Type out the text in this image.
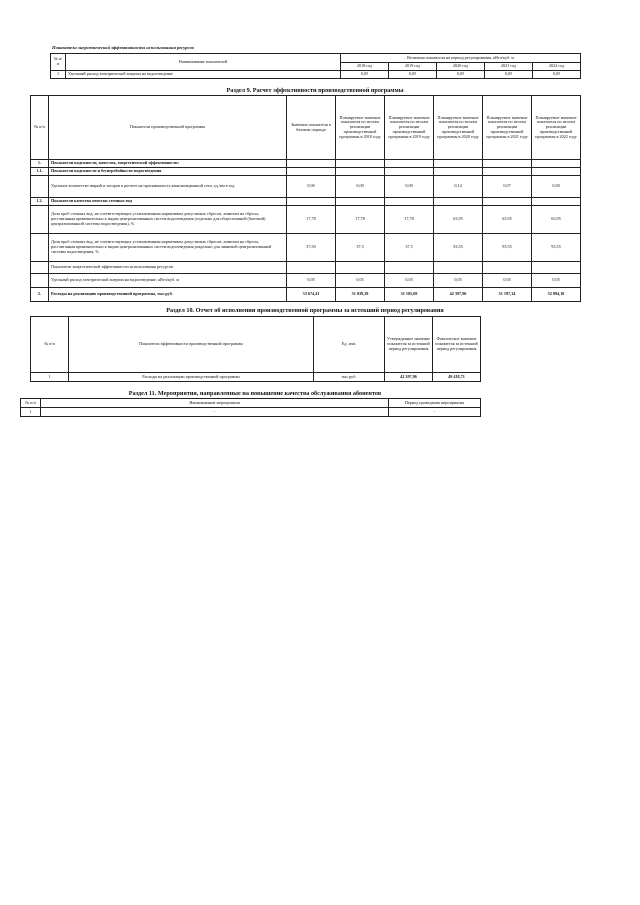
Показатели энергетической эффективности использования ресурсов
№ п/п	Наименование показателей	Величина показателя на период регулирования, кВтч/куб. м				
		2018 год	2019 год	2020 год	2021 год	2022 год
1	Удельный расход электрической энергии на водоотведение	0,05	0,05	0,05	0,05	0,05
Раздел 9. Расчет эффективности производственной программы
№ п/п	Показатели производственной программы	Значение показателя в базовом периоде	Планируемое значение показателя по итогам реализации производственной программы в 2018 году	Планируемое значение показателя по итогам реализации производственной программы в 2019 году	Планируемое значение показателя по итогам реализации производственной программы в 2020 году	Планируемое значение показателя по итогам реализации производственной программы в 2021 году	Планируемое значение показателя по итогам реализации производственной программы в 2022 году
1.	Показатели надежности, качества, энергетической эффективности:						
1.1.	Показатели надежности и бесперебойности водоотведения						
	Удельное количество аварий и засоров в расчете на протяженность канализационной сети, ед./км в год	0,00	0,00	0,00	0,14	0,07	0,00
1.2.	Показатели качества очистки сточных вод						
	Доля проб сточных вод, не соответствующих установленным нормативам допустимых сбросов, лимитам на сбросы, рассчитанная применительно к видам централизованных систем водоотведения (отдельно для общесплавной (бытовой) централизованной системы водоотведения), %	17,78	17,78	17,78	63,95	63,95	63,95
	Доля проб сточных вод, не соответствующих установленным нормативам допустимых сбросов, лимитам на сбросы, рассчитанная применительно к видам централизованных систем водоотведения раздельно для ливневой централизованной системы водоотведения, %	37,50	37,5	37,5	93,55	93,55	93,55
	Показатели энергетической эффективности использования ресурсов						
	Удельный расход электрической энергии на водоотведение, кВтч/куб. м	0,05	0,05	0,05	0,05	0,05	0,05
2.	Расходы на реализацию производственной программы, тыс.руб.	33 674,41	31 039,29	31 185,69	42 397,96	51 197,34	52 894,10
Раздел 10. Отчет об исполнении производственной программы за истекший период регулирования
№ п/п	Показатели эффективности производственной программы	Ед. изм.	Утвержденное значение показателя за истекший период регулирования	Фактическое значение показателя за истекший период регулирования
1	Расходы на реализацию производственной программы	тыс.руб.	42 397,96	49 418,71
Раздел 11. Мероприятия, направленные на повышение качества обслуживания абонентов
№ п/п	Наименование мероприятия	Период проведения мероприятия
1	-	-
